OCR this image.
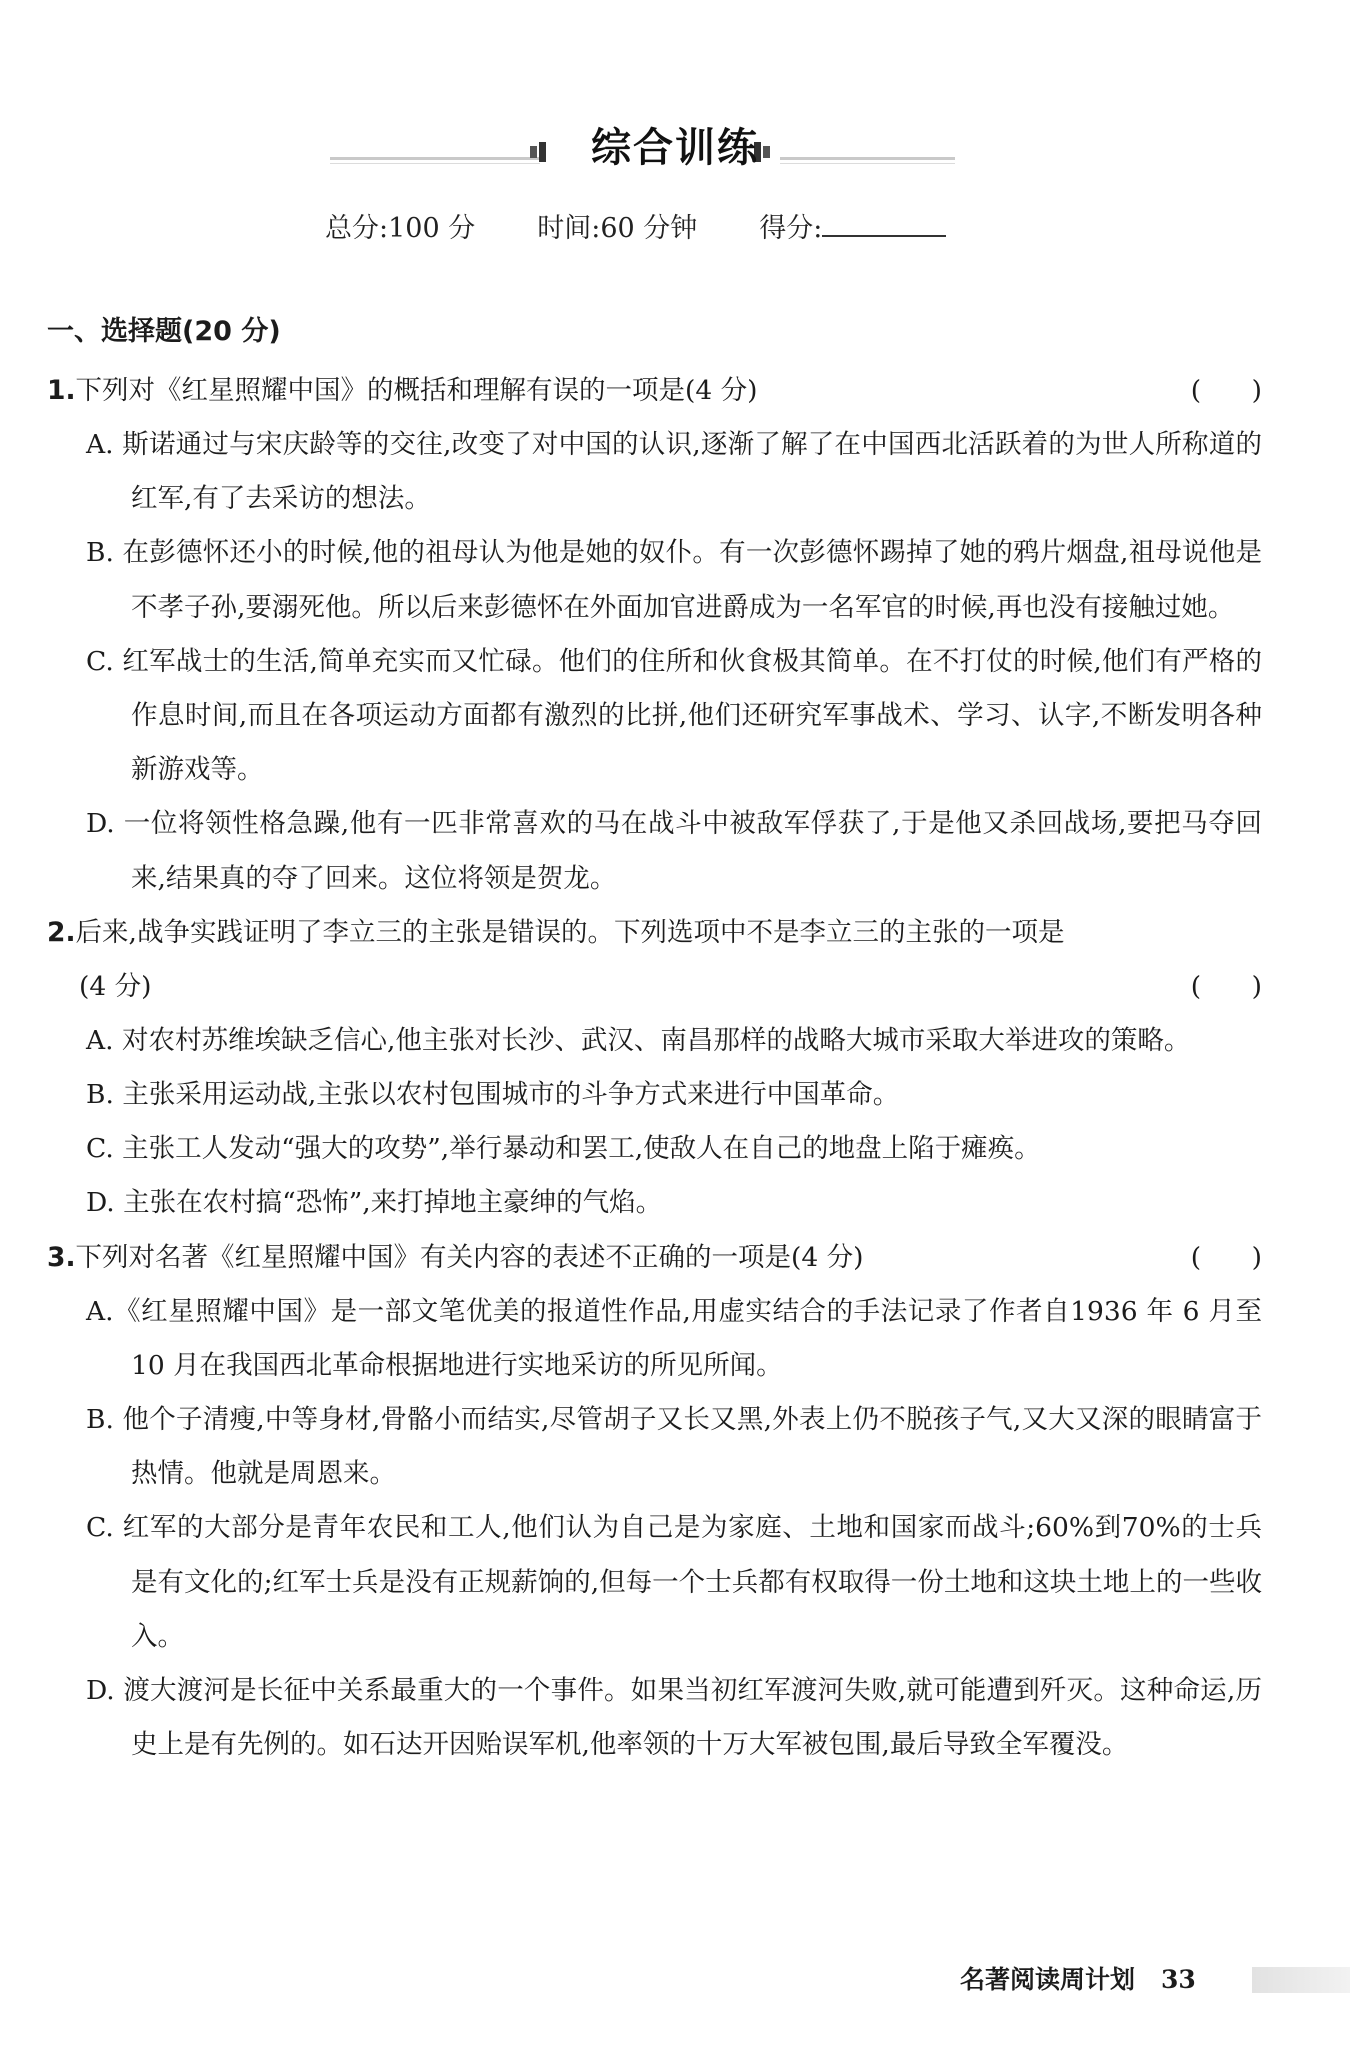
综合训练
总分:100 分 时间:60 分钟 得分:
一、选择题(20 分)
1.下列对《红星照耀中国》的概括和理解有误的一项是(4 分)	(      )
A. 斯诺通过与宋庆龄等的交往,改变了对中国的认识,逐渐了解了在中国西北活跃着的为世人所称道的红军,有了去采访的想法。
B. 在彭德怀还小的时候,他的祖母认为他是她的奴仆。有一次彭德怀踢掉了她的鸦片烟盘,祖母说他是不孝子孙,要溺死他。所以后来彭德怀在外面加官进爵成为一名军官的时候,再也没有接触过她。
C. 红军战士的生活,简单充实而又忙碌。他们的住所和伙食极其简单。在不打仗的时候,他们有严格的作息时间,而且在各项运动方面都有激烈的比拼,他们还研究军事战术、学习、认字,不断发明各种新游戏等。
D. 一位将领性格急躁,他有一匹非常喜欢的马在战斗中被敌军俘获了,于是他又杀回战场,要把马夺回来,结果真的夺了回来。这位将领是贺龙。
2.后来,战争实践证明了李立三的主张是错误的。下列选项中不是李立三的主张的一项是
(4 分)	(      )
A. 对农村苏维埃缺乏信心,他主张对长沙、武汉、南昌那样的战略大城市采取大举进攻的策略。
B. 主张采用运动战,主张以农村包围城市的斗争方式来进行中国革命。
C. 主张工人发动“强大的攻势”,举行暴动和罢工,使敌人在自己的地盘上陷于瘫痪。
D. 主张在农村搞“恐怖”,来打掉地主豪绅的气焰。
3.下列对名著《红星照耀中国》有关内容的表述不正确的一项是(4 分)	(      )
A.《红星照耀中国》是一部文笔优美的报道性作品,用虚实结合的手法记录了作者自1936 年 6 月至 10 月在我国西北革命根据地进行实地采访的所见所闻。
B. 他个子清瘦,中等身材,骨骼小而结实,尽管胡子又长又黑,外表上仍不脱孩子气,又大又深的眼睛富于热情。他就是周恩来。
C. 红军的大部分是青年农民和工人,他们认为自己是为家庭、土地和国家而战斗;60%到70%的士兵是有文化的;红军士兵是没有正规薪饷的,但每一个士兵都有权取得一份土地和这块土地上的一些收入。
D. 渡大渡河是长征中关系最重大的一个事件。如果当初红军渡河失败,就可能遭到歼灭。这种命运,历史上是有先例的。如石达开因贻误军机,他率领的十万大军被包围,最后导致全军覆没。
名著阅读周计划 33
